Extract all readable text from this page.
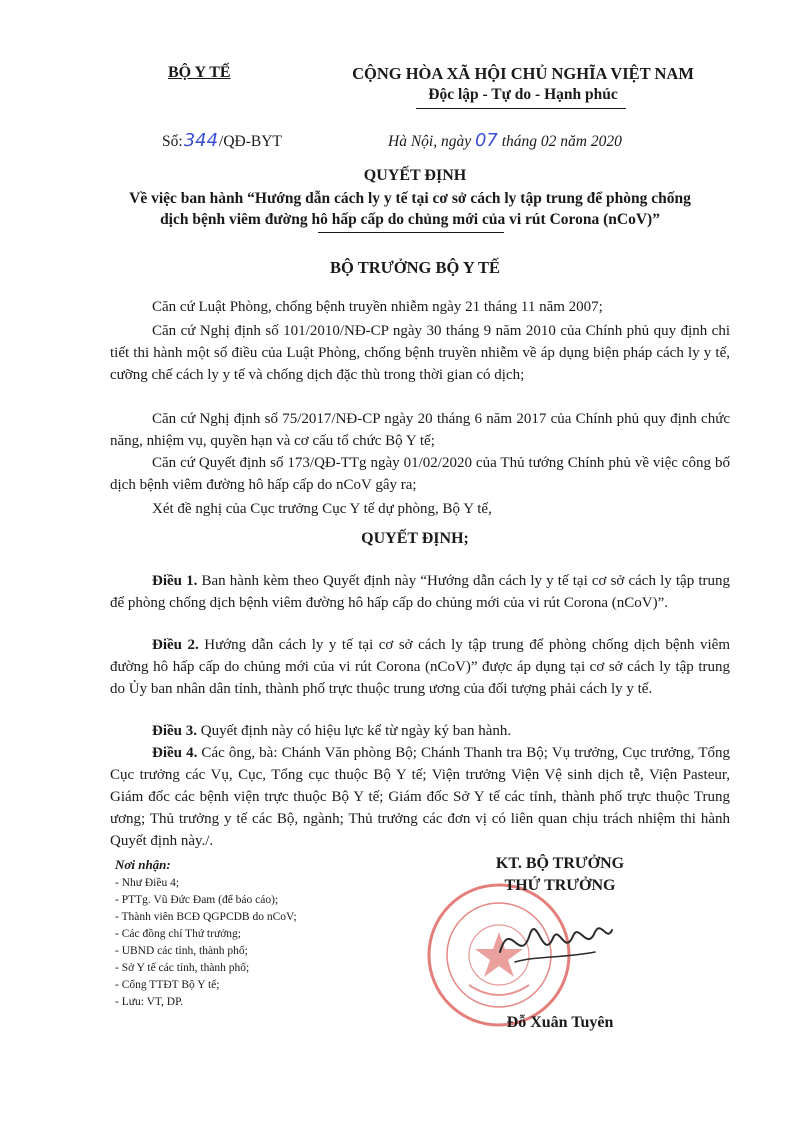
BỘ Y TẾ	CỘNG HÒA XÃ HỘI CHỦ NGHĨA VIỆT NAM
Độc lập - Tự do - Hạnh phúc
Số:344/QĐ-BYT	Hà Nội, ngày 07 tháng 02 năm 2020
QUYẾT ĐỊNH
Về việc ban hành “Hướng dẫn cách ly y tế tại cơ sở cách ly tập trung để phòng chống
dịch bệnh viêm đường hô hấp cấp do chủng mới của vi rút Corona (nCoV)”
BỘ TRƯỞNG BỘ Y TẾ
Căn cứ Luật Phòng, chống bệnh truyền nhiễm ngày 21 tháng 11 năm 2007;
Căn cứ Nghị định số 101/2010/NĐ-CP ngày 30 tháng 9 năm 2010 của Chính phủ quy định chi tiết thi hành một số điều của Luật Phòng, chống bệnh truyền nhiễm về áp dụng biện pháp cách ly y tế, cưỡng chế cách ly y tế và chống dịch đặc thù trong thời gian có dịch;
Căn cứ Nghị định số 75/2017/NĐ-CP ngày 20 tháng 6 năm 2017 của Chính phủ quy định chức năng, nhiệm vụ, quyền hạn và cơ cấu tổ chức Bộ Y tế;
Căn cứ Quyết định số 173/QĐ-TTg ngày 01/02/2020 của Thủ tướng Chính phủ về việc công bố dịch bệnh viêm đường hô hấp cấp do nCoV gây ra;
Xét đề nghị của Cục trưởng Cục Y tế dự phòng, Bộ Y tế,
QUYẾT ĐỊNH;
Điều 1. Ban hành kèm theo Quyết định này “Hướng dẫn cách ly y tế tại cơ sở cách ly tập trung để phòng chống dịch bệnh viêm đường hô hấp cấp do chủng mới của vi rút Corona (nCoV)”.
Điều 2. Hướng dẫn cách ly y tế tại cơ sở cách ly tập trung để phòng chống dịch bệnh viêm đường hô hấp cấp do chủng mới của vi rút Corona (nCoV)” được áp dụng tại cơ sở cách ly tập trung do Ủy ban nhân dân tỉnh, thành phố trực thuộc trung ương của đối tượng phải cách ly y tế.
Điều 3. Quyết định này có hiệu lực kể từ ngày ký ban hành.
Điều 4. Các ông, bà: Chánh Văn phòng Bộ; Chánh Thanh tra Bộ; Vụ trưởng, Cục trưởng, Tổng Cục trưởng các Vụ, Cục, Tổng cục thuộc Bộ Y tế; Viện trưởng Viện Vệ sinh dịch tễ, Viện Pasteur, Giám đốc các bệnh viện trực thuộc Bộ Y tế; Giám đốc Sở Y tế các tỉnh, thành phố trực thuộc Trung ương; Thủ trưởng y tế các Bộ, ngành; Thủ trưởng các đơn vị có liên quan chịu trách nhiệm thi hành Quyết định này./.
Nơi nhận:
- Như Điều 4;
- PTTg. Vũ Đức Đam (để báo cáo);
- Thành viên BCĐ QGPCDB do nCoV;
- Các đồng chí Thứ trưởng;
- UBND các tỉnh, thành phố;
- Sở Y tế các tỉnh, thành phố;
- Cổng TTĐT Bộ Y tế;
- Lưu: VT, DP.
KT. BỘ TRƯỞNG
THỨ TRƯỞNG
Đỗ Xuân Tuyên
